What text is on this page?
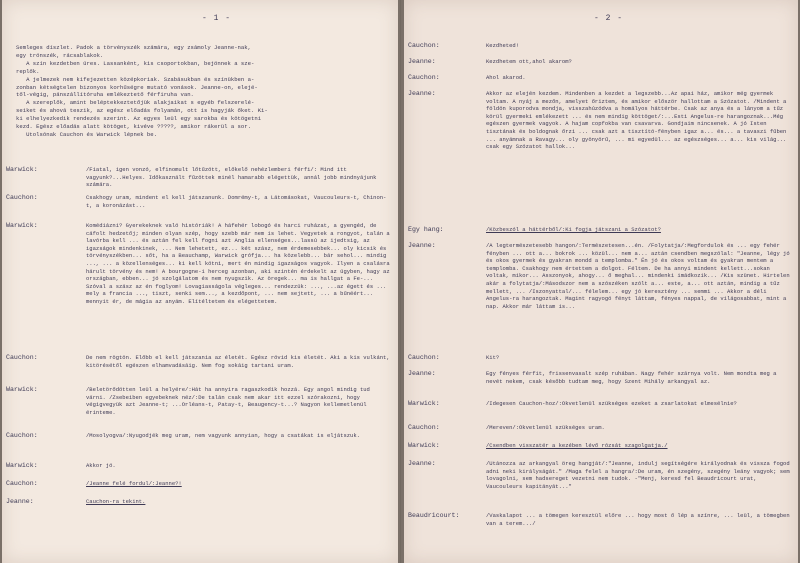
- 1 -

Semleges díszlet. Padok a törvényszék számára, egy zsámoly Jeanne-nak,

egy trónszék, rácsablakok.

A szín kezdetben üres. Lassanként, kis csoportokban, bejönnek a sze-

replők.

A jelmezek nem kifejezetten középkoriak. Szabásukban és színükben a-

zonban kétségtelen bizonyos korhűségre mutató vonások. Jeanne-on, elejé-

től-végig, pánszállítóruha emlékeztető férfiruha van.

A szereplők, amint beléptekkeztetőjük alakjaikat s egyéb felszerelé-

seiket és ahová teszik, az egész előadás folyamán, ott is hagyják őket. Ki-

ki elhelyezkedik rendezés szerint. Az egyes leül egy sarokba és kötögetni

kezd. Egész előadás alatt kötöget, kivéve ?????, amikor rákerül a sor.

Utolsónak Cauchon és Warwick lépnek be.

Warwick:	/Fiatal, igen vonzó, elfinomult lőtűzött, előkelő nehézlemberi férfi/: Mind itt vagyunk?...Helyes. Időkasznált fűzöttek minél hamarabb elégettük, annál jobb mindnyájunk számára.
Cauchon:	Csakhogy uram, mindent el kell játszanunk. Domrémy-t, a Látomásokat, Vaucouleurs-t, Chinon-t, a koronázást...
Warwick:	Komédiázni? Gyerekeknek való históriák! A háfehér lobogó és harci ruházat, a gyengéd, de cáfolt hedzetőj; minden olyan szép, hogy szebb már nem is lehet. Vegyetek a rongyot, talán a lavórba kell ... és aztán fel kell fogni azt Anglia ellenséges...lassú az ijedtsig, az igazságok mindenkinek, ... Nem lehetett, ez... két szász, nem érdemesebbek... oly kicsik és törvényszékben... sőt, ha a Beauchamp, Warwick grófja... ha közelebb... bár sehol... mindig ..., ... a közellenséges... ki kell kötni, mert én mindig igazságos vagyok. Ilyen a csalásra hárult törvény és nem! A bourgogne-i herceg azonban, aki szintén érdekelt az ügyben, hagy az országban, ebben... jó szolgálatom és nem nyugszik. Az öregek... ma is hallgat a Fe-... Szóval a szász az én foglyom! Lovagiasságola végleges... rendezzük: ..., ...az égett és ... mely a francia ..., tiszt, senki sem..., a kezdőpont, ... nem sejtett, ... a bűnéért... mennyit ér, de mágia az anyám. Elítéltetem és elégettetem.
Cauchon:	De nem rögtön. Előbb el kell játszania az életét. Egész rövid kis életét. Aki a kis vulkánt, kitörésétől egészen elhamvadásáig. Nem fog sokáig tartani uram.
Warwick:	/Beletörődötten leül a helyére/:Hát ha annyira ragaszkodik hozzá. Egy angol mindig tud várni. /Zsebeiben egyebeknek néz/:De talán csak nem akar itt ezzel szórakozni, hogy végigvegyük azt Jeanne-t; ...Orléans-t, Patay-t, Beaugency-t...? Nagyon kellemetlenül érinteme.
Cauchon:	/Mosolyogva/:Nyugodjék meg uram, nem vagyunk annyian, hogy a csatákat is eljátszuk.
Warwick:	Akkor jó.
Cauchon:	/Jeanne felé fordul/:Jeanne?!
Jeanne:	Cauchon-ra tekint.
- 2 -
Cauchon:	Kezdheted!
Jeanne:	Kezdhetem ott,ahol akarom?
Cauchon:	Ahol akarod.
Jeanne:	Akkor az elején kezdem. Mindenben a kezdet a legszebb...Az apai ház, amikor még gyermek voltam. A nyáj a mezőn, amelyet őriztem, és amikor először hallottam a Szózatot. /Mindent a földön kuporodva mondja, visszahúzódva a homályos háttérbe. Csak az anya és a lányom a tűz körül gyermeki emlékezett ... és nem mindig köttöget/:...Esti Angelus-re harangoznak...Még egészen gyermek vagyok. A hajam copfokba van csavarva. Gondjaim nincsenek. A jó Isten tisztának és boldognak őrzi ... csak azt a tisztító-fényben igaz a... és... a tavaszi fűben ... anyámnak a Ravagy... oly gyönyörű, ... mi egyedül... az egészséges... a... kis világ... csak egy Szózatot hallok...
Egy hang:	/Közbeszól a háttérből/:Ki fogja játszani a Szózatot?
Jeanne:	/A legtermészetesebb hangon/:Természetesen...én. /Folytatja/:Megfordulok és ... egy fehér fényben ... ott a... bokrok ... közül... nem a... aztán csendben megszólal: "Jeanne, légy jó és okos gyermek és gyakran mondd a templomba." Én jó és okos voltam és gyakran mentem a templomba. Csakhogy nem értettem a dolgot. Féltem. De ha annyi mindent kellett...sokan voltak, mikor... Asszonyok, ahogy... ő meghal... mindenki imádkozik... /Kis szünet. Hirtelen akár a folytatja/:Másodszor nem a szószéken szólt a... este, a... ott aztán, mindig a tűz mellett, ... /Iszonyattal/... félelem... egy jó keresztény ... semmi ... Akkor a déli Angelus-ra harangoztak. Magint ragyogó fényt láttam, fényes nappal, de világosabbat, mint a nap. Akkor már láttam is...
Cauchon:	Kit?
Jeanne:	Egy fényes férfit, frissenvasalt szép ruhában. Nagy fehér szárnya volt. Nem mondta meg a nevét nekem, csak később tudtam meg, hogy Szent Mihály arkangyal az.
Warwick:	/Idegesen Cauchon-hoz/:Okvetlenül szükséges ezeket a zsarlatokat elmesélnie?
Cauchon:	/Mereven/:Okvetlenül szükséges uram.
Warwick:	/Csendben visszatér a kezében lévő rózsát szagolgatja./
Jeanne:	/Utánozza az arkangyal öreg hangját/:"Jeanne, indulj segítségére királyodnak és vissza fogod adni neki királyságát." /Maga felel a hangra/:De uram, én szegény, szegény leány vagyok; sem lovagolni, sem hadsereget vezetni nem tudok. -"Menj, keresd fel Beaudricourt urat, Vaucouleurs kapitányát..."
Beaudricourt:	/Vaskalapot ... a tömegen keresztül előre ... hogy most ő lép a színre, ... leül, a tömegben van a terem.../
